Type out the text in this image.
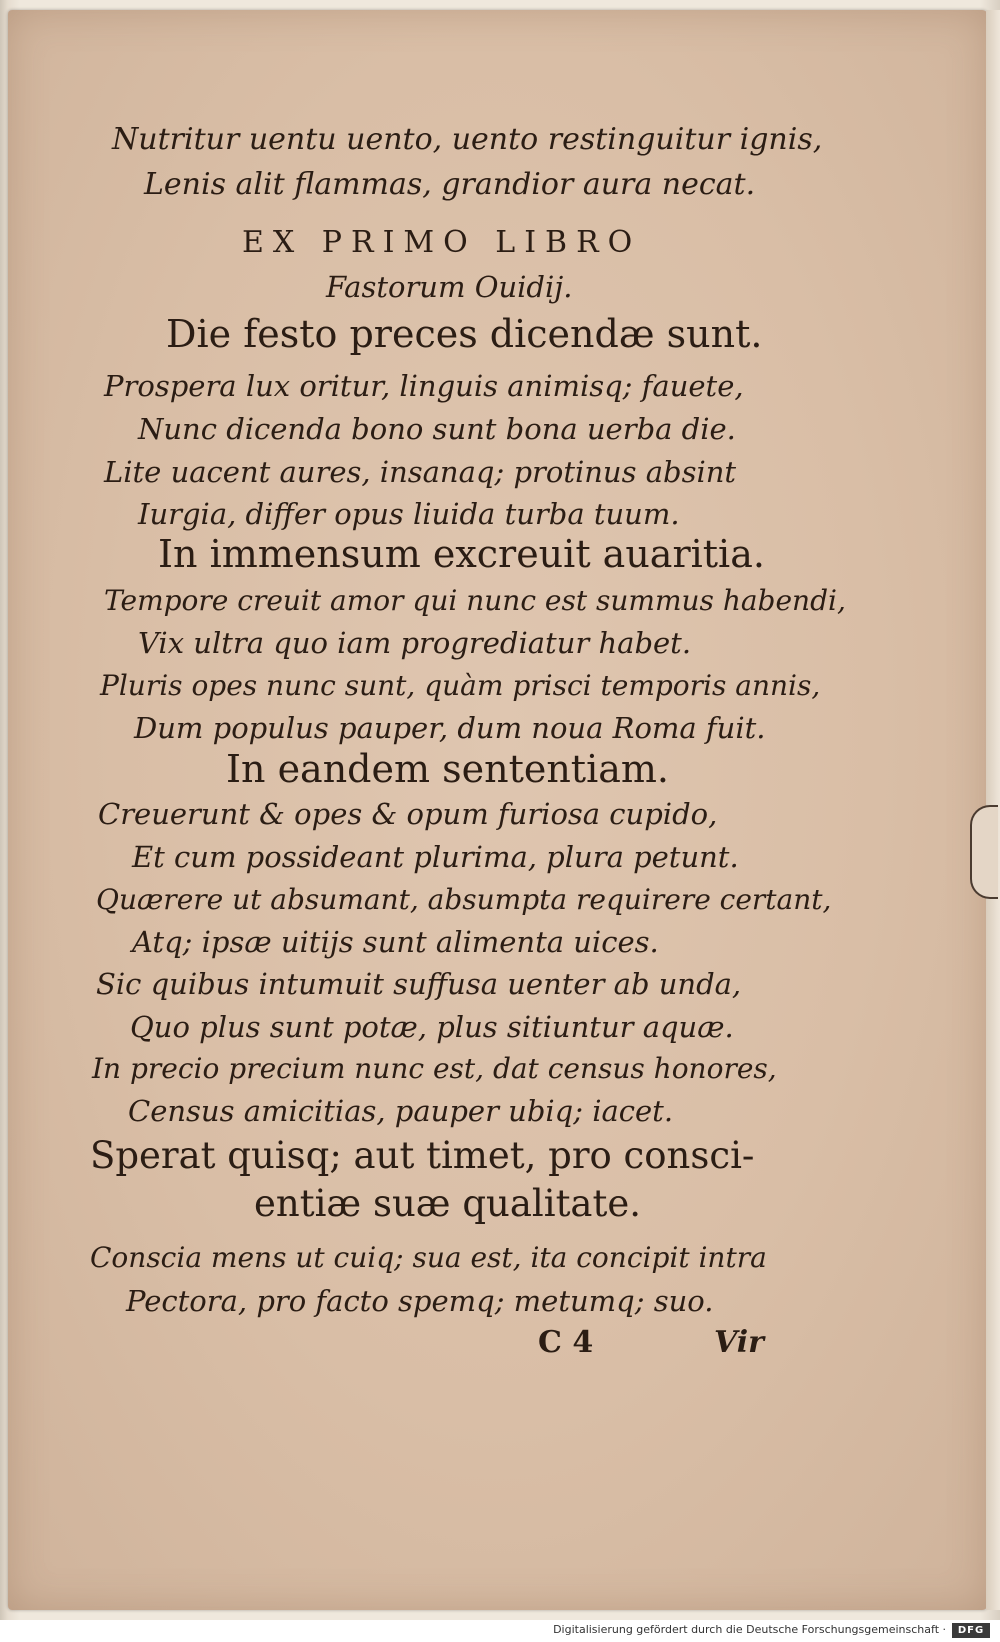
Nutritur uentu uento, uento restinguitur ignis,
Lenis alit flammas, grandior aura necat.
EX PRIMO LIBRO
Fastorum Ouidij.
Die festo preces dicendæ sunt.
Prospera lux oritur, linguis animisq; fauete,
Nunc dicenda bono sunt bona uerba die.
Lite uacent aures, insanaq; protinus absint
Iurgia, differ opus liuida turba tuum.
In immensum excreuit auaritia.
Tempore creuit amor qui nunc est summus habendi,
Vix ultra quo iam progrediatur habet.
Pluris opes nunc sunt, quàm prisci temporis annis,
Dum populus pauper, dum noua Roma fuit.
In eandem sententiam.
Creuerunt & opes & opum furiosa cupido,
Et cum possideant plurima, plura petunt.
Quærere ut absumant, absumpta requirere certant,
Atq; ipsæ uitijs sunt alimenta uices.
Sic quibus intumuit suffusa uenter ab unda,
Quo plus sunt potæ, plus sitiuntur aquæ.
In precio precium nunc est, dat census honores,
Census amicitias, pauper ubiq; iacet.
Sperat quisq; aut timet, pro consci-
entiæ suæ qualitate.
Conscia mens ut cuiq; sua est, ita concipit intra
Pectora, pro facto spemq; metumq; suo.
C 4	Vir
Digitalisierung gefördert durch die Deutsche Forschungsgemeinschaft ·	DFG
